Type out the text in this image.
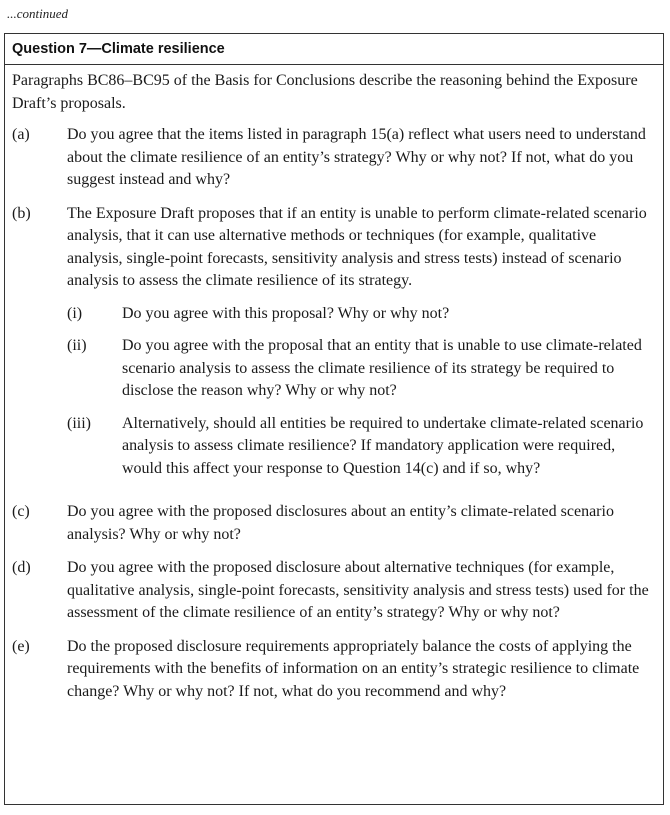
...continued
Question 7—Climate resilience

Paragraphs BC86–BC95 of the Basis for Conclusions describe the reasoning behind the Exposure Draft’s proposals.

(a)	Do you agree that the items listed in paragraph 15(a) reflect what users need to understand about the climate resilience of an entity’s strategy? Why or why not? If not, what do you suggest instead and why?
(b)	The Exposure Draft proposes that if an entity is unable to perform climate-related scenario analysis, that it can use alternative methods or techniques (for example, qualitative analysis, single-point forecasts, sensitivity analysis and stress tests) instead of scenario analysis to assess the climate resilience of its strategy.
(i)	Do you agree with this proposal? Why or why not?
(ii)	Do you agree with the proposal that an entity that is unable to use climate-related scenario analysis to assess the climate resilience of its strategy be required to disclose the reason why? Why or why not?
(iii)	Alternatively, should all entities be required to undertake climate-related scenario analysis to assess climate resilience? If mandatory application were required, would this affect your response to Question 14(c) and if so, why?
(c)	Do you agree with the proposed disclosures about an entity’s climate-related scenario analysis? Why or why not?
(d)	Do you agree with the proposed disclosure about alternative techniques (for example, qualitative analysis, single-point forecasts, sensitivity analysis and stress tests) used for the assessment of the climate resilience of an entity’s strategy? Why or why not?
(e)	Do the proposed disclosure requirements appropriately balance the costs of applying the requirements with the benefits of information on an entity’s strategic resilience to climate change? Why or why not? If not, what do you recommend and why?
